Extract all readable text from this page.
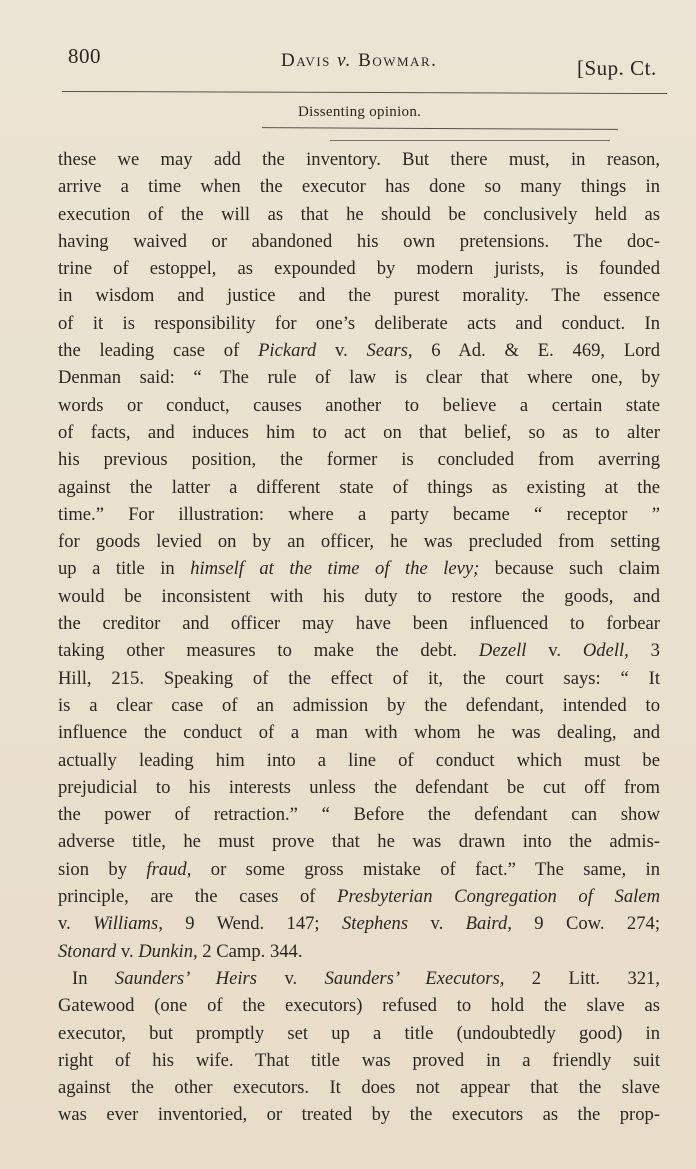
800	Davis v. Bowmar.	[Sup. Ct.
Dissenting opinion.
these we may add the inventory. But there must, in reason,
arrive a time when the executor has done so many things in
execution of the will as that he should be conclusively held as
having waived or abandoned his own pretensions. The doc-
trine of estoppel, as expounded by modern jurists, is founded
in wisdom and justice and the purest morality. The essence
of it is responsibility for one’s deliberate acts and conduct. In
the leading case of Pickard v. Sears, 6 Ad. & E. 469, Lord
Denman said: “ The rule of law is clear that where one, by
words or conduct, causes another to believe a certain state
of facts, and induces him to act on that belief, so as to alter
his previous position, the former is concluded from averring
against the latter a different state of things as existing at the
time.” For illustration: where a party became “ receptor ”
for goods levied on by an officer, he was precluded from setting
up a title in himself at the time of the levy; because such claim
would be inconsistent with his duty to restore the goods, and
the creditor and officer may have been influenced to forbear
taking other measures to make the debt. Dezell v. Odell, 3
Hill, 215. Speaking of the effect of it, the court says: “ It
is a clear case of an admission by the defendant, intended to
influence the conduct of a man with whom he was dealing, and
actually leading him into a line of conduct which must be
prejudicial to his interests unless the defendant be cut off from
the power of retraction.” “ Before the defendant can show
adverse title, he must prove that he was drawn into the admis-
sion by fraud, or some gross mistake of fact.” The same, in
principle, are the cases of Presbyterian Congregation of Salem
v. Williams, 9 Wend. 147; Stephens v. Baird, 9 Cow. 274;
Stonard v. Dunkin, 2 Camp. 344.
In Saunders’ Heirs v. Saunders’ Executors, 2 Litt. 321,
Gatewood (one of the executors) refused to hold the slave as
executor, but promptly set up a title (undoubtedly good) in
right of his wife. That title was proved in a friendly suit
against the other executors. It does not appear that the slave
was ever inventoried, or treated by the executors as the prop-
